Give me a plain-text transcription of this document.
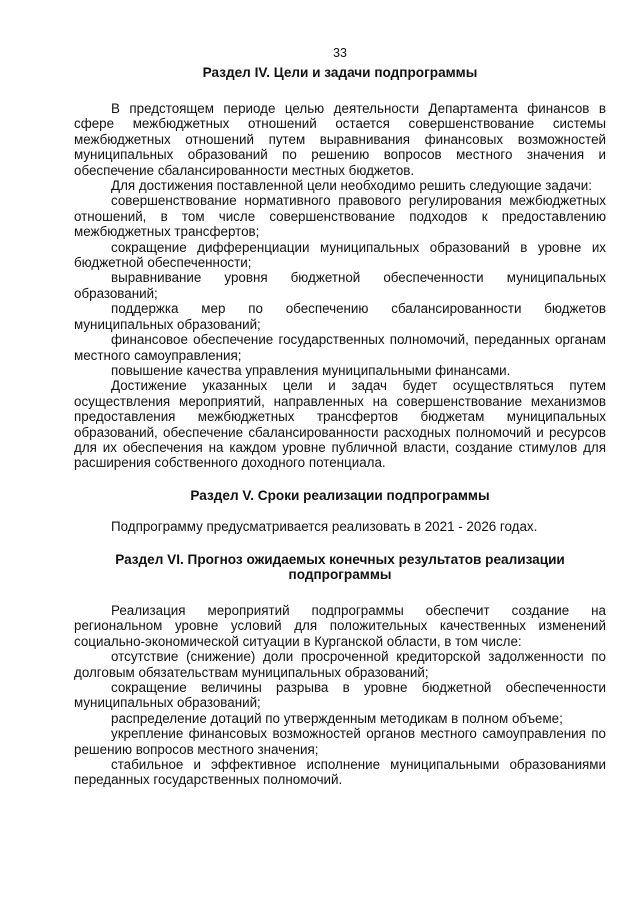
33
Раздел IV. Цели и задачи подпрограммы

В предстоящем периоде целью деятельности Департамента финансов в сфере межбюджетных отношений остается совершенствование системы межбюджетных отношений путем выравнивания финансовых возможностей муниципальных образований по решению вопросов местного значения и обеспечение сбалансированности местных бюджетов.

Для достижения поставленной цели необходимо решить следующие задачи:

совершенствование нормативного правового регулирования межбюджетных отношений, в том числе совершенствование подходов к предоставлению межбюджетных трансфертов;

сокращение дифференциации муниципальных образований в уровне их бюджетной обеспеченности;

выравнивание уровня бюджетной обеспеченности муниципальных образований;

поддержка мер по обеспечению сбалансированности бюджетов муниципальных образований;

финансовое обеспечение государственных полномочий, переданных органам местного самоуправления;

повышение качества управления муниципальными финансами.

Достижение указанных цели и задач будет осуществляться путем осуществления мероприятий, направленных на совершенствование механизмов предоставления межбюджетных трансфертов бюджетам муниципальных образований, обеспечение сбалансированности расходных полномочий и ресурсов для их обеспечения на каждом уровне публичной власти, создание стимулов для расширения собственного доходного потенциала.

Раздел V. Сроки реализации подпрограммы

Подпрограмму предусматривается реализовать в 2021 - 2026 годах.

Раздел VI. Прогноз ожидаемых конечных результатов реализации
подпрограммы

Реализация мероприятий подпрограммы обеспечит создание на региональном уровне условий для положительных качественных изменений социально-экономической ситуации в Курганской области, в том числе:

отсутствие (снижение) доли просроченной кредиторской задолженности по долговым обязательствам муниципальных образований;

сокращение величины разрыва в уровне бюджетной обеспеченности муниципальных образований;

распределение дотаций по утвержденным методикам в полном объеме;

укрепление финансовых возможностей органов местного самоуправления по решению вопросов местного значения;

стабильное и эффективное исполнение муниципальными образованиями переданных государственных полномочий.
